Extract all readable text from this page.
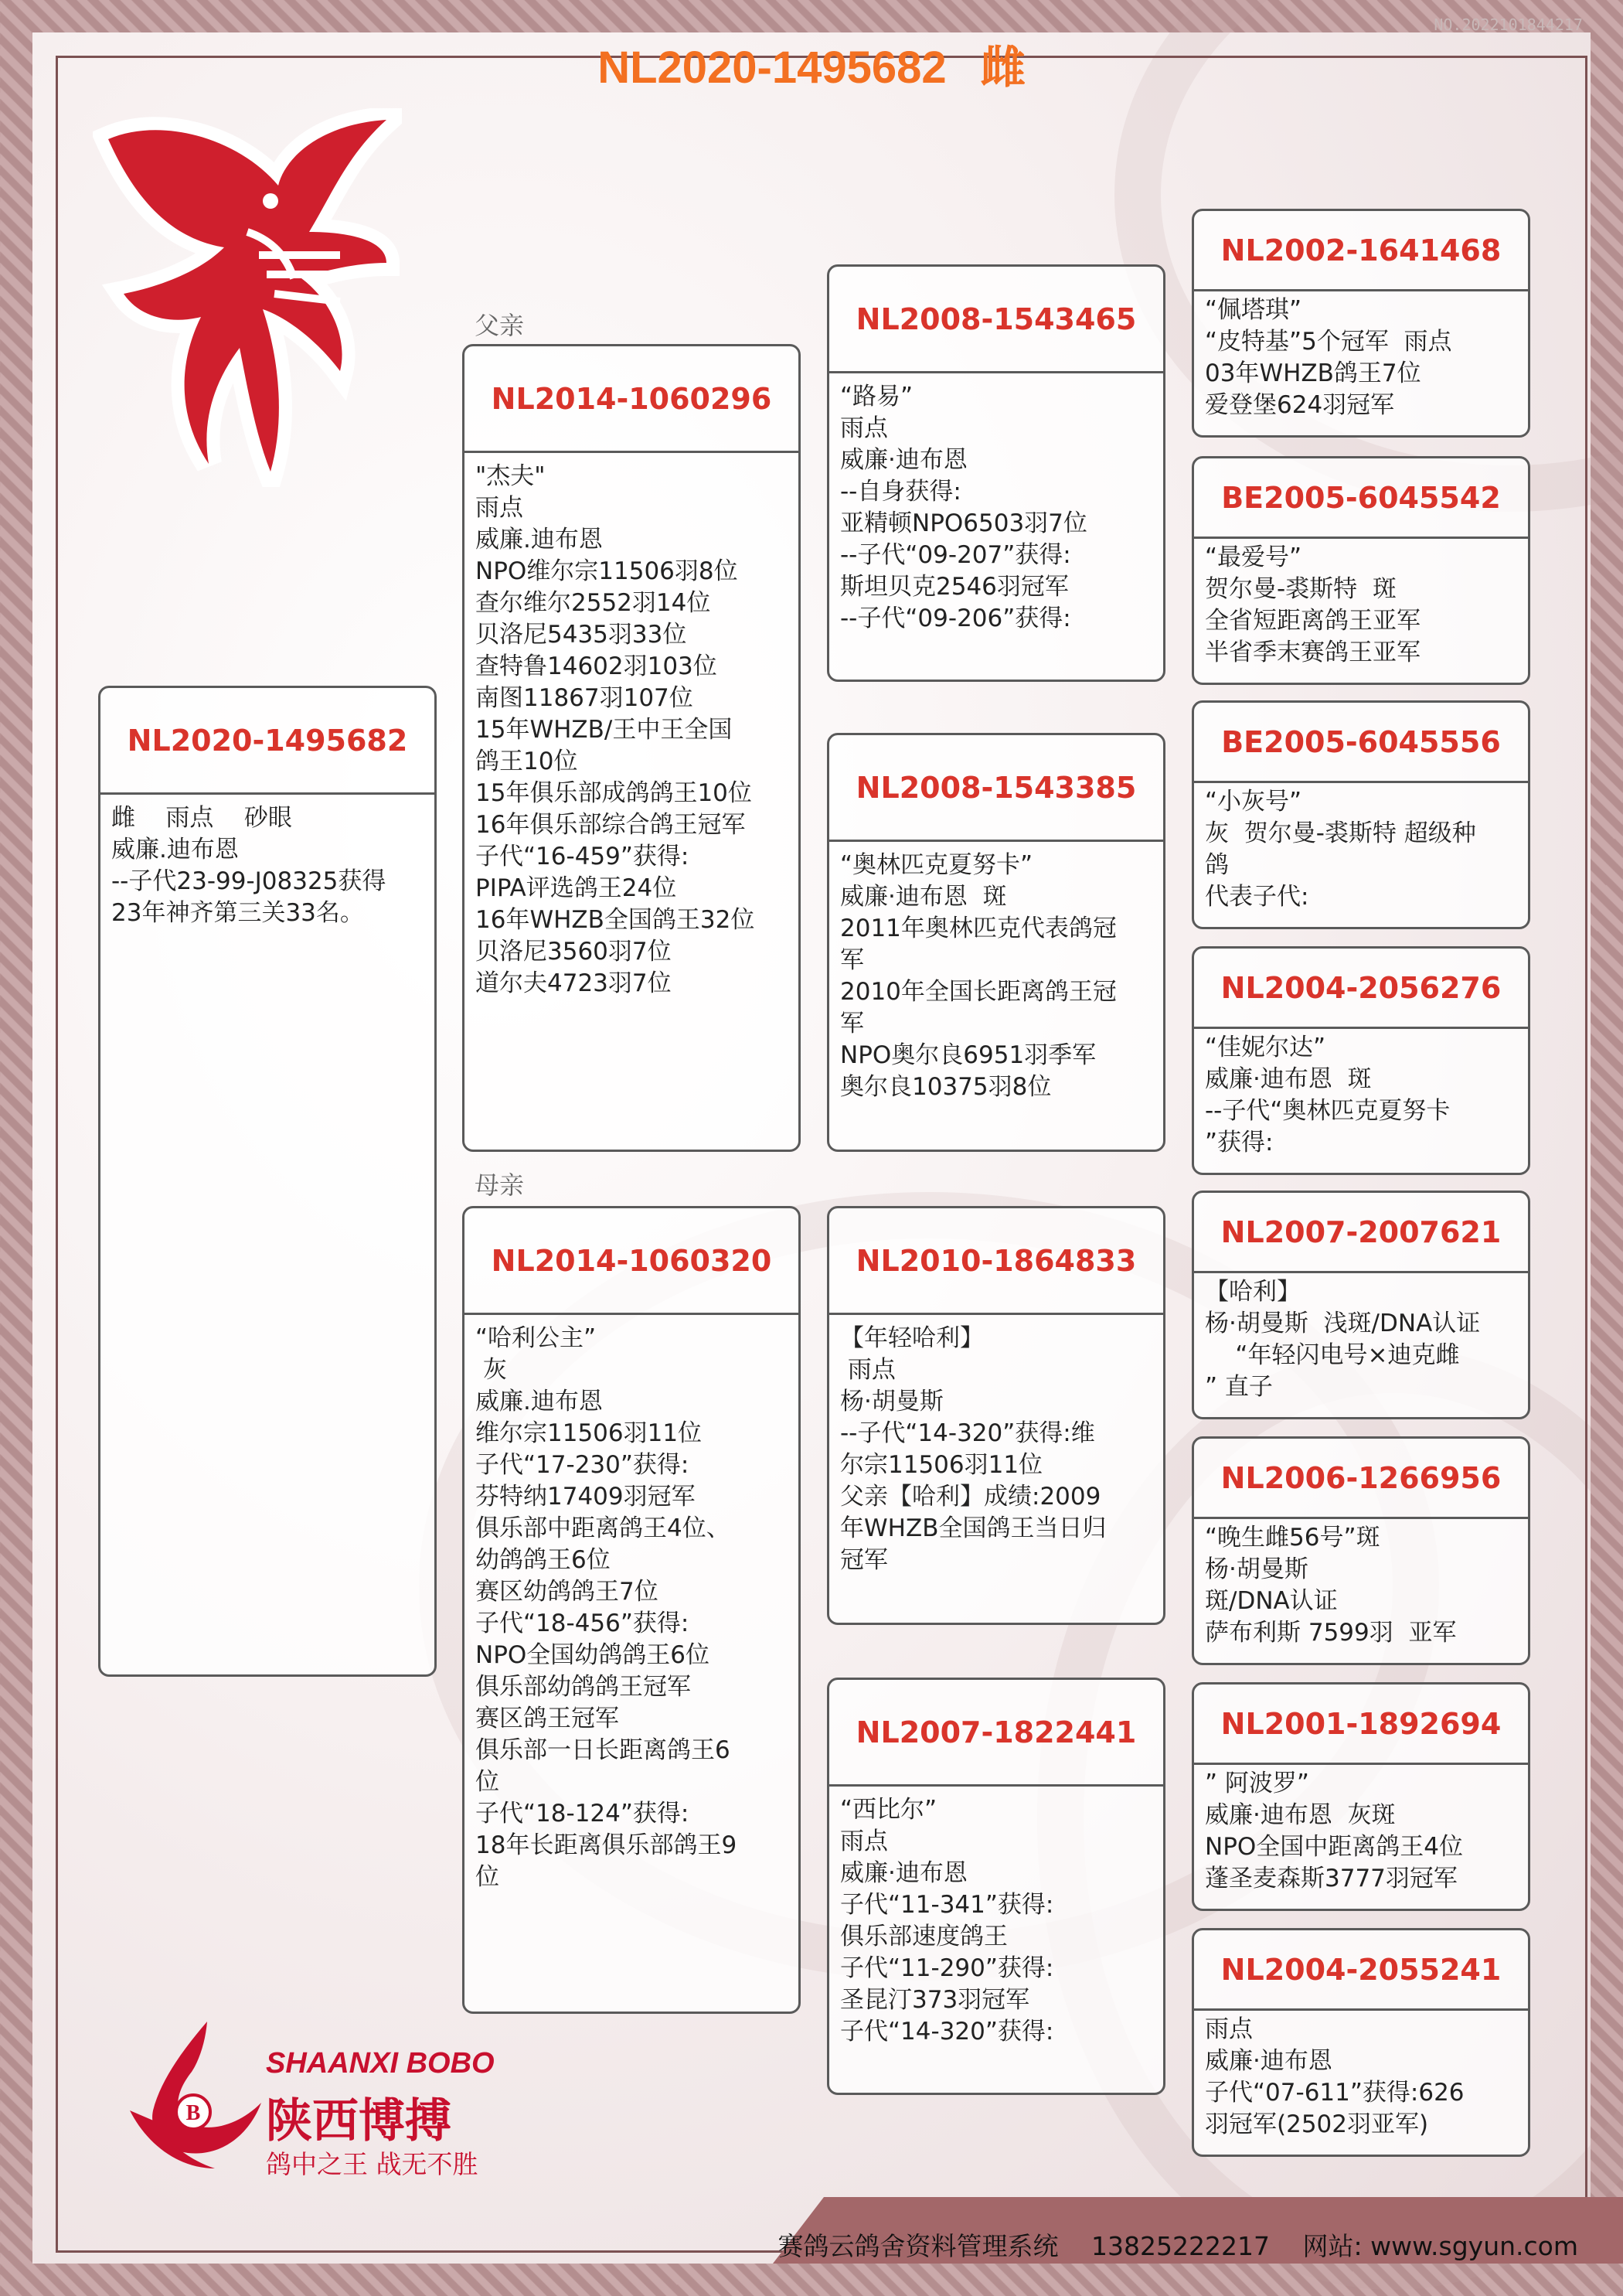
NO.2022101844217
NL2020-1495682 雌
父亲
母亲
NL2020-1495682
雌    雨点    砂眼
威廉.迪布恩
--子代23-99-J08325获得
23年神齐第三关33名。
NL2014-1060296
"杰夫"
雨点
威廉.迪布恩
NPO维尔宗11506羽8位
查尔维尔2552羽14位
贝洛尼5435羽33位
查特鲁14602羽103位
南图11867羽107位
15年WHZB/王中王全国
鸽王10位
15年俱乐部成鸽鸽王10位
16年俱乐部综合鸽王冠军
子代“16-459”获得:
PIPA评选鸽王24位
16年WHZB全国鸽王32位
贝洛尼3560羽7位
道尔夫4723羽7位
NL2014-1060320
“哈利公主”
灰
威廉.迪布恩
维尔宗11506羽11位
子代“17-230”获得:
芬特纳17409羽冠军
俱乐部中距离鸽王4位、
幼鸽鸽王6位
赛区幼鸽鸽王7位
子代“18-456”获得:
NPO全国幼鸽鸽王6位
俱乐部幼鸽鸽王冠军
赛区鸽王冠军
俱乐部一日长距离鸽王6
位
子代“18-124”获得:
18年长距离俱乐部鸽王9
位
NL2008-1543465
“路易”
雨点
威廉·迪布恩
--自身获得:
亚精顿NPO6503羽7位
--子代“09-207”获得:
斯坦贝克2546羽冠军
--子代“09-206”获得:
NL2008-1543385
“奥林匹克夏努卡”
威廉·迪布恩  斑
2011年奥林匹克代表鸽冠
军
2010年全国长距离鸽王冠
军
NPO奥尔良6951羽季军
奥尔良10375羽8位
NL2010-1864833
【年轻哈利】
雨点
杨·胡曼斯
--子代“14-320”获得:维
尔宗11506羽11位
父亲【哈利】成绩:2009
年WHZB全国鸽王当日归
冠军
NL2007-1822441
“西比尔”
雨点
威廉·迪布恩
子代“11-341”获得:
俱乐部速度鸽王
子代“11-290”获得:
圣昆汀373羽冠军
子代“14-320”获得:
NL2002-1641468
“佩塔琪”
“皮特基”5个冠军  雨点
03年WHZB鸽王7位
爱登堡624羽冠军
BE2005-6045542
“最爱号”
贺尔曼-裘斯特  斑
全省短距离鸽王亚军
半省季末赛鸽王亚军
BE2005-6045556
“小灰号”
灰  贺尔曼-裘斯特 超级种
鸽
代表子代:
NL2004-2056276
“佳妮尔达”
威廉·迪布恩  斑
--子代“奥林匹克夏努卡
”获得:
NL2007-2007621
【哈利】
杨·胡曼斯  浅斑/DNA认证
“年轻闪电号×迪克雌
” 直子
NL2006-1266956
“晚生雌56号”斑
杨·胡曼斯
斑/DNA认证
萨布利斯 7599羽  亚军
NL2001-1892694
” 阿波罗”
威廉·迪布恩  灰斑
NPO全国中距离鸽王4位
蓬圣麦森斯3777羽冠军
NL2004-2055241
雨点
威廉·迪布恩
子代“07-611”获得:626
羽冠军(2502羽亚军)
B
SHAANXI BOBO
陕西博搏
鸽中之王 战无不胜
赛鸽云鸽舍资料管理系统 13825222217 网站: www.sgyun.com
